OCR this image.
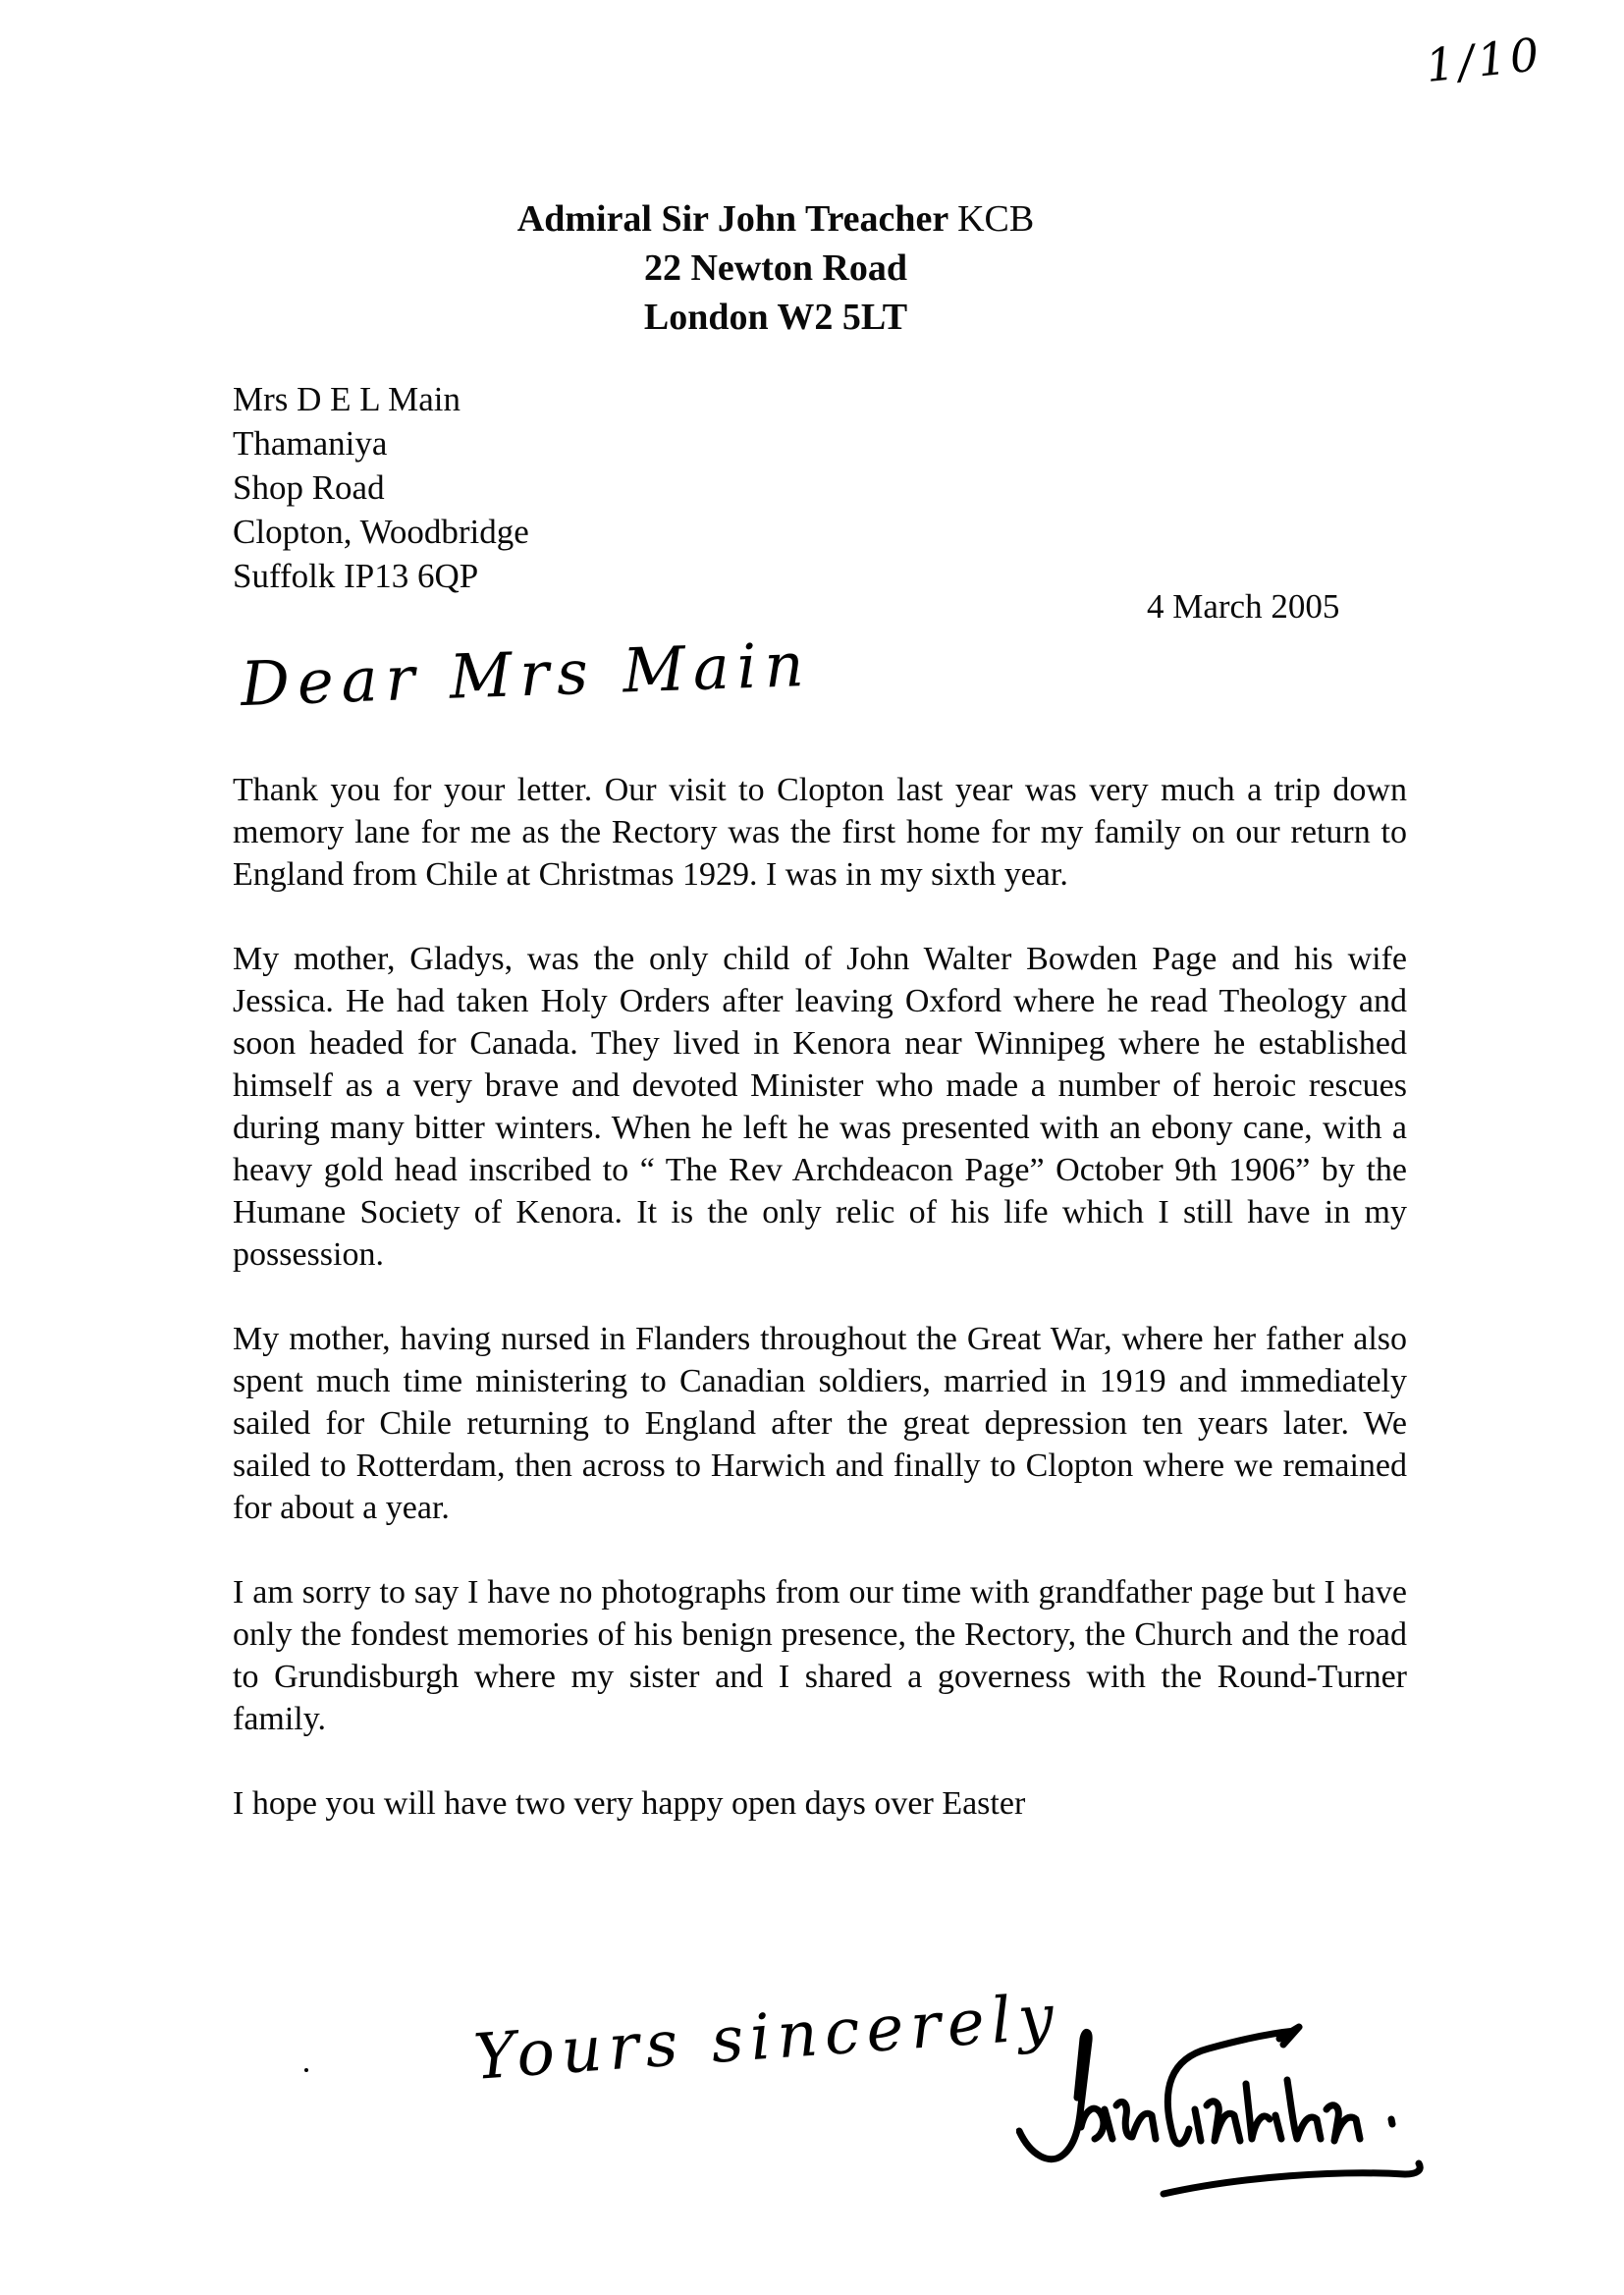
1/10
Admiral Sir John Treacher KCB
22 Newton Road
London W2 5LT
Mrs D E L Main
Thamaniya
Shop Road
Clopton, Woodbridge
Suffolk IP13 6QP
4 March 2005
Dear Mrs Main

Thank you for your letter. Our visit to Clopton last year was very much a trip down memory lane for me as the Rectory was the first home for my family on our return to England from Chile at Christmas 1929. I was in my sixth year.

My mother, Gladys, was the only child of John Walter Bowden Page and his wife Jessica. He had taken Holy Orders after leaving Oxford where he read Theology and soon headed for Canada. They lived in Kenora near Winnipeg where he established himself as a very brave and devoted Minister who made a number of heroic rescues during many bitter winters. When he left he was presented with an ebony cane, with a heavy gold head inscribed to “ The Rev Archdeacon Page” October 9th 1906” by the Humane Society of Kenora. It is the only relic of his life which I still have in my possession.

My mother, having nursed in Flanders throughout the Great War, where her father also spent much time ministering to Canadian soldiers, married in 1919 and immediately sailed for Chile returning to England after the great depression ten years later. We sailed to Rotterdam, then across to Harwich and finally to Clopton where we remained for about a year.

I am sorry to say I have no photographs from our time with grandfather page but I have only the fondest memories of his benign presence, the Rectory, the Church and the road to Grundisburgh where my sister and I shared a governess with the Round-Turner family.

I hope you will have two very happy open days over Easter

Yours sincerely
